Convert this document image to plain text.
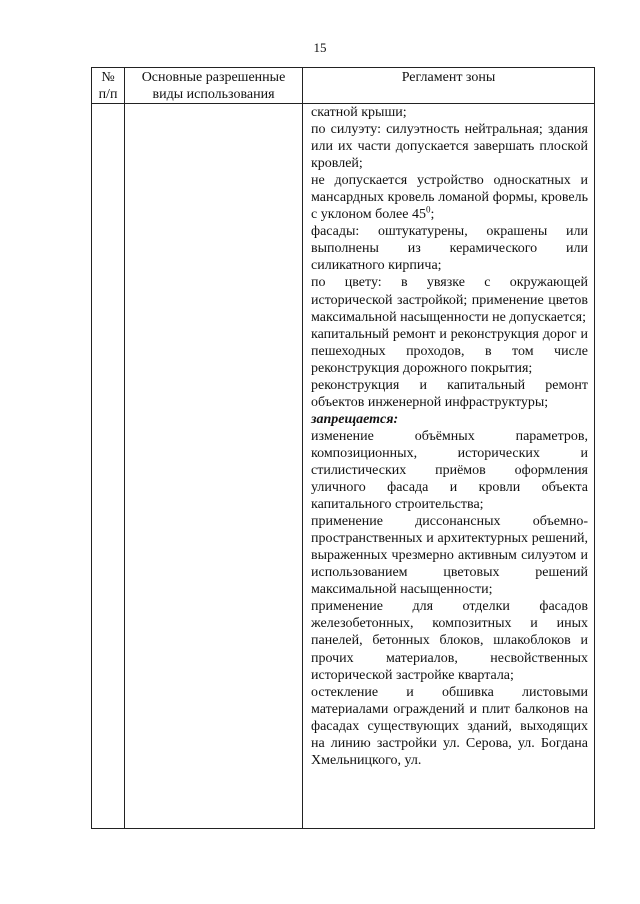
15
№
п/п
Основные разрешенные
виды использования
Регламент зоны
скатной крыши;
по силуэту: силуэтность нейтральная; здания или их части допускается завершать плоской кровлей;
не допускается устройство односкатных и мансардных кровель ломаной формы, кровель с уклоном более $45^0$;
фасады: оштукатурены, окрашены или выполнены из керамического или силикатного кирпича;
по цвету: в увязке с окружающей исторической застройкой; применение цветов максимальной насыщенности не допускается;
капитальный ремонт и реконструкция дорог и пешеходных проходов, в том числе реконструкция дорожного покрытия;
реконструкция и капитальный ремонт объектов инженерной инфраструктуры;
запрещается:
изменение объёмных параметров, композиционных, исторических и стилистических приёмов оформления уличного фасада и кровли объекта капитального строительства;
применение диссонансных объемно-пространственных и архитектурных решений, выраженных чрезмерно активным силуэтом и использованием цветовых решений максимальной насыщенности;
применение для отделки фасадов железобетонных, композитных и иных панелей, бетонных блоков, шлакоблоков и прочих материалов, несвойственных исторической застройке квартала;
остекление и обшивка листовыми материалами ограждений и плит балконов на фасадах существующих зданий, выходящих на линию застройки ул. Серова, ул. Богдана Хмельницкого, ул.
